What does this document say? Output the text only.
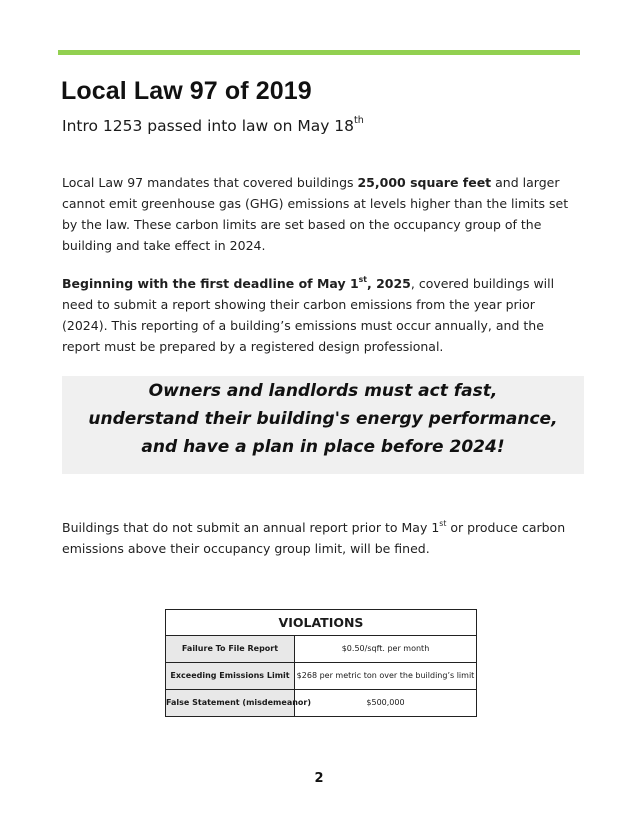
Local Law 97 of 2019

Intro 1253 passed into law on May 18th

Local Law 97 mandates that covered buildings 25,000 square feet and larger cannot emit greenhouse gas (GHG) emissions at levels higher than the limits set by the law. These carbon limits are set based on the occupancy group of the building and take effect in 2024.

Beginning with the first deadline of May 1st, 2025, covered buildings will need to submit a report showing their carbon emissions from the year prior (2024). This reporting of a building’s emissions must occur annually, and the report must be prepared by a registered design professional.

Owners and landlords must act fast,
understand their building's energy performance,
and have a plan in place before 2024!

Buildings that do not submit an annual report prior to May 1st or produce carbon emissions above their occupancy group limit, will be fined.

VIOLATIONS
Failure To File Report	$0.50/sqft. per month
Exceeding Emissions Limit $268 per metric ton over the building’s limit
False Statement (misdemeanor)	$500,000
2
